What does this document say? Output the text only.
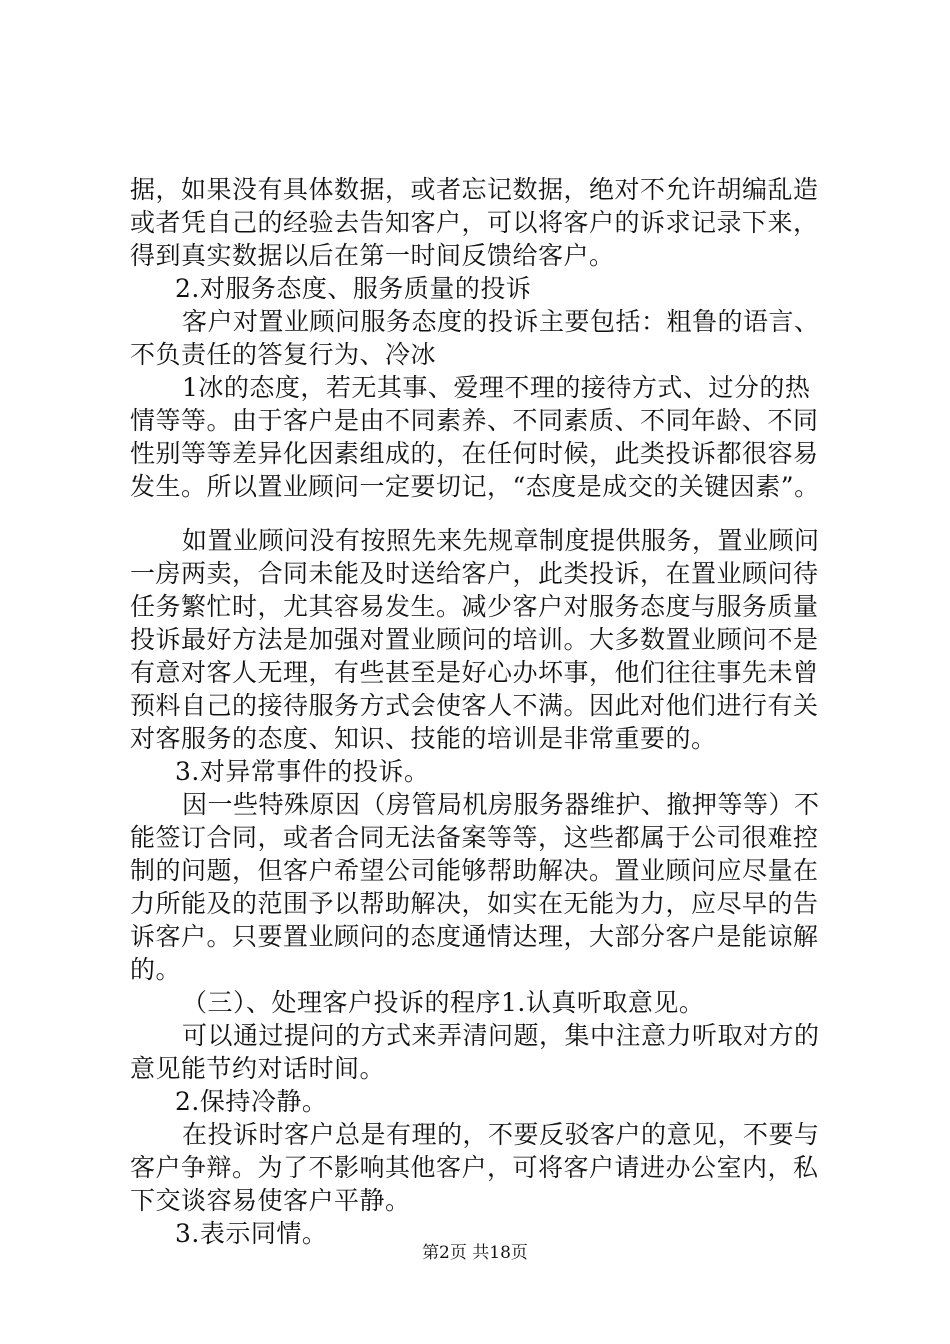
据，如果没有具体数据，或者忘记数据，绝对不允许胡编乱造
或者凭自己的经验去告知客户，可以将客户的诉求记录下来，
得到真实数据以后在第一时间反馈给客户。
2.对服务态度、服务质量的投诉
客户对置业顾问服务态度的投诉主要包括：粗鲁的语言、
不负责任的答复行为、冷冰
1冰的态度，若无其事、爱理不理的接待方式、过分的热
情等等。由于客户是由不同素养、不同素质、不同年龄、不同
性别等等差异化因素组成的，在任何时候，此类投诉都很容易
发生。所以置业顾问一定要切记，“态度是成交的关键因素”。
如置业顾问没有按照先来先规章制度提供服务，置业顾问
一房两卖，合同未能及时送给客户，此类投诉，在置业顾问待
任务繁忙时，尤其容易发生。减少客户对服务态度与服务质量
投诉最好方法是加强对置业顾问的培训。大多数置业顾问不是
有意对客人无理，有些甚至是好心办坏事，他们往往事先未曾
预料自己的接待服务方式会使客人不满。因此对他们进行有关
对客服务的态度、知识、技能的培训是非常重要的。
3.对异常事件的投诉。
因一些特殊原因（房管局机房服务器维护、撤押等等）不
能签订合同，或者合同无法备案等等，这些都属于公司很难控
制的问题，但客户希望公司能够帮助解决。置业顾问应尽量在
力所能及的范围予以帮助解决，如实在无能为力，应尽早的告
诉客户。只要置业顾问的态度通情达理，大部分客户是能谅解
的。
（三）、处理客户投诉的程序1.认真听取意见。
可以通过提问的方式来弄清问题，集中注意力听取对方的
意见能节约对话时间。
2.保持冷静。
在投诉时客户总是有理的，不要反驳客户的意见，不要与
客户争辩。为了不影响其他客户，可将客户请进办公室内，私
下交谈容易使客户平静。
3.表示同情。
第2页 共18页
